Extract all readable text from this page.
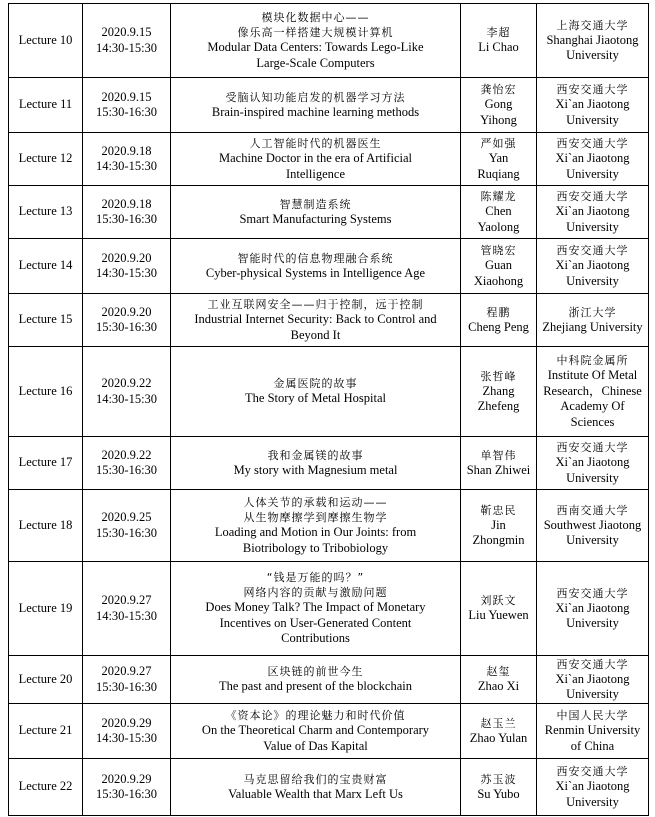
Lecture 10	2020.9.15
14:30-15:30	模块化数据中心——
像乐高一样搭建大规模计算机
Modular Data Centers: Towards Lego-Like
Large-Scale Computers	李超
Li Chao	上海交通大学
Shanghai Jiaotong
University

Lecture 11	2020.9.15
15:30-16:30	受脑认知功能启发的机器学习方法
Brain-inspired machine learning methods	龚怡宏
Gong
Yihong	西安交通大学
Xi`an Jiaotong
University

Lecture 12	2020.9.18
14:30-15:30	人工智能时代的机器医生
Machine Doctor in the era of Artificial
Intelligence	严如强
Yan
Ruqiang	西安交通大学
Xi`an Jiaotong
University

Lecture 13	2020.9.18
15:30-16:30	智慧制造系统
Smart Manufacturing Systems	陈耀龙
Chen
Yaolong	西安交通大学
Xi`an Jiaotong
University

Lecture 14	2020.9.20
14:30-15:30	智能时代的信息物理融合系统
Cyber-physical Systems in Intelligence Age	管晓宏
Guan
Xiaohong	西安交通大学
Xi`an Jiaotong
University

Lecture 15	2020.9.20
15:30-16:30	工业互联网安全——归于控制，远于控制
Industrial Internet Security: Back to Control and
Beyond It	程鹏
Cheng Peng	浙江大学
Zhejiang University

Lecture 16	2020.9.22
14:30-15:30	金属医院的故事
The Story of Metal Hospital	张哲峰
Zhang
Zhefeng	中科院金属所
Institute Of Metal
Research，Chinese
Academy Of
Sciences

Lecture 17	2020.9.22
15:30-16:30	我和金属镁的故事
My story with Magnesium metal	单智伟
Shan Zhiwei	西安交通大学
Xi`an Jiaotong
University

Lecture 18	2020.9.25
15:30-16:30	人体关节的承载和运动——
从生物摩擦学到摩擦生物学
Loading and Motion in Our Joints: from
Biotribology to Tribobiology	靳忠民
Jin
Zhongmin	西南交通大学
Southwest Jiaotong
University

Lecture 19	2020.9.27
14:30-15:30	“钱是万能的吗？”
网络内容的贡献与激励问题
Does Money Talk? The Impact of Monetary
Incentives on User-Generated Content
Contributions	刘跃文
Liu Yuewen	西安交通大学
Xi`an Jiaotong
University

Lecture 20	2020.9.27
15:30-16:30	区块链的前世今生
The past and present of the blockchain	赵玺
Zhao Xi	西安交通大学
Xi`an Jiaotong
University

Lecture 21	2020.9.29
14:30-15:30	《资本论》的理论魅力和时代价值
On the Theoretical Charm and Contemporary
Value of Das Kapital	赵玉兰
Zhao Yulan	中国人民大学
Renmin University
of China

Lecture 22	2020.9.29
15:30-16:30	马克思留给我们的宝贵财富
Valuable Wealth that Marx Left Us	苏玉波
Su Yubo	西安交通大学
Xi`an Jiaotong
University
